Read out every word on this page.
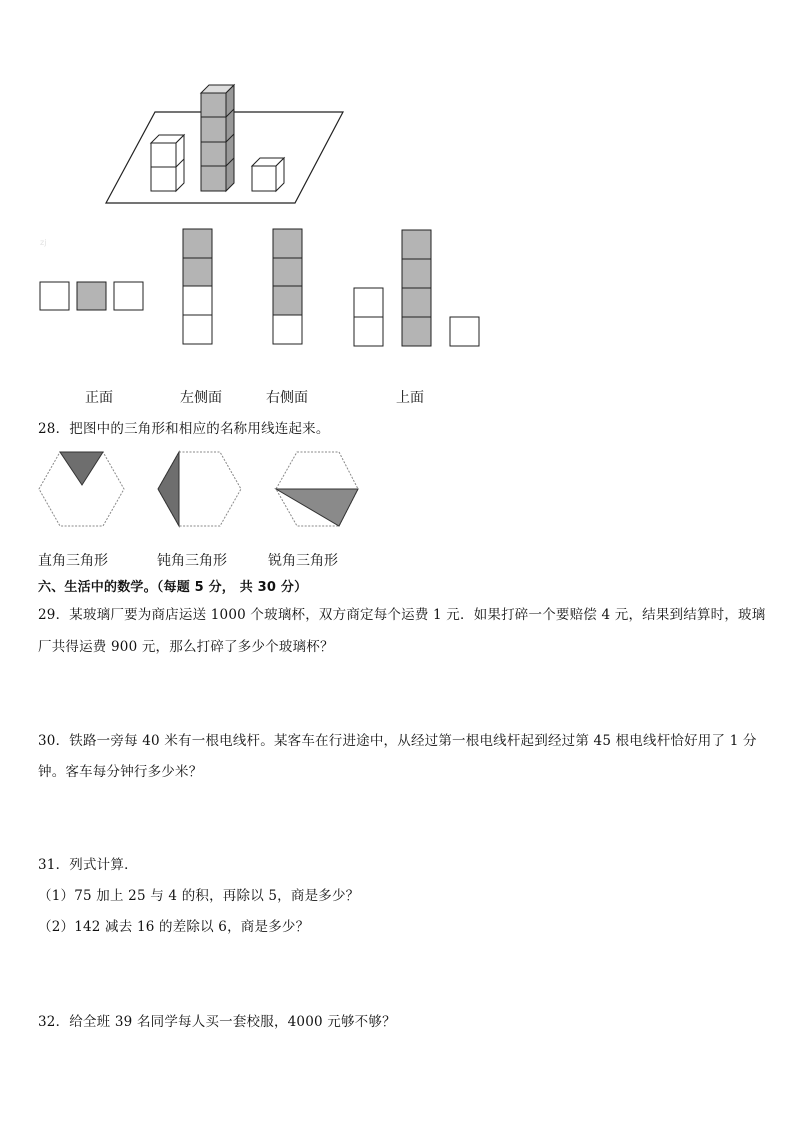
zj
正面	左侧面	右侧面	上面
28．把图中的三角形和相应的名称用线连起来。
直角三角形	钝角三角形	锐角三角形
六、生活中的数学。（每题 5 分， 共 30 分）
29．某玻璃厂要为商店运送 1000 个玻璃杯，双方商定每个运费 1 元．如果打碎一个要赔偿 4 元，结果到结算时，玻璃
厂共得运费 900 元，那么打碎了多少个玻璃杯？
30．铁路一旁每 40 米有一根电线杆。某客车在行进途中，从经过第一根电线杆起到经过第 45 根电线杆恰好用了 1 分
钟。客车每分钟行多少米？
31．列式计算．
（1）75 加上 25 与 4 的积，再除以 5，商是多少？
（2）142 减去 16 的差除以 6，商是多少？
32．给全班 39 名同学每人买一套校服，4000 元够不够？
